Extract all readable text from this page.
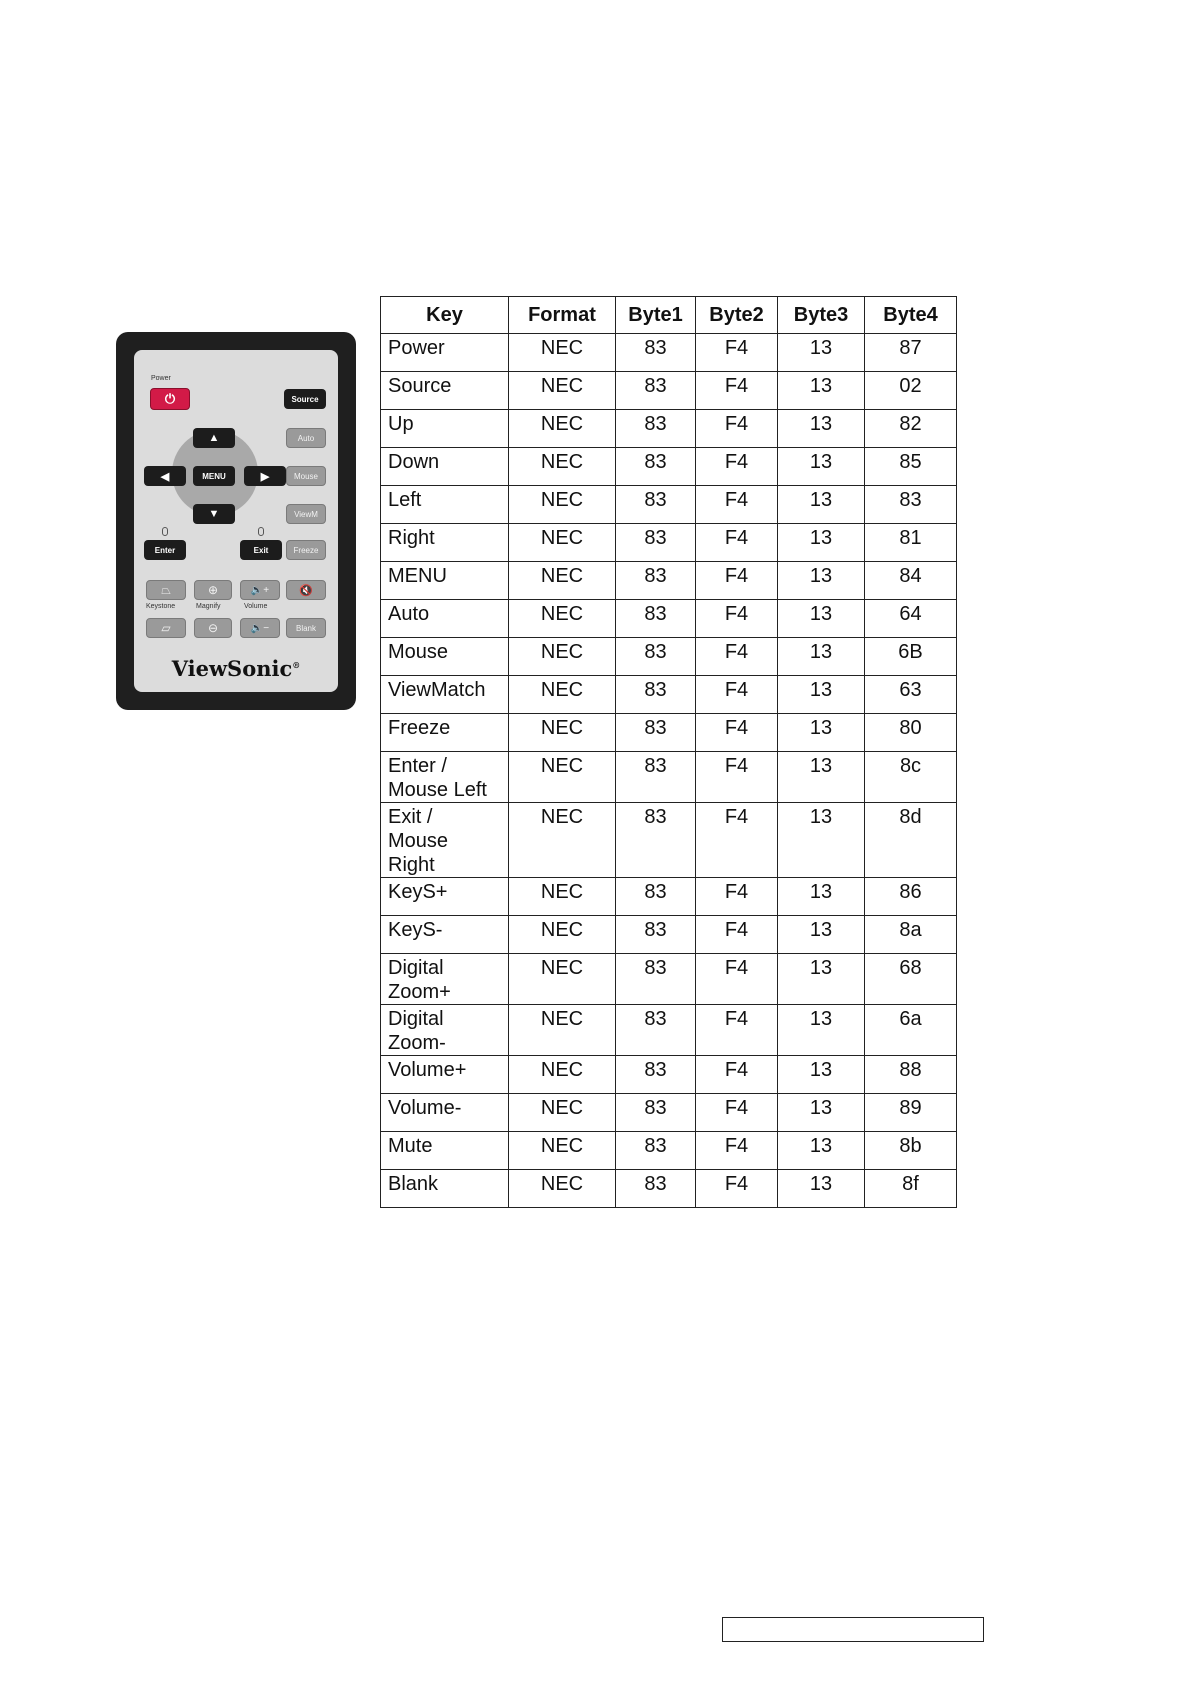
Power
⏻	Source
Auto
Mouse
ViewM
▲
▼
◀	▶
MENU
Enter	Exit	Freeze
⏢	⊕	🔈+	🔇
Keystone	Magnify	Volume
⏥	⊖	🔈−	Blank
ViewSonic®
Key	Format	Byte1	Byte2	Byte3	Byte4
Power	NEC	83	F4	13	87
Source	NEC	83	F4	13	02
Up	NEC	83	F4	13	82
Down	NEC	83	F4	13	85
Left	NEC	83	F4	13	83
Right	NEC	83	F4	13	81
MENU	NEC	83	F4	13	84
Auto	NEC	83	F4	13	64
Mouse	NEC	83	F4	13	6B
ViewMatch	NEC	83	F4	13	63
Freeze	NEC	83	F4	13	80
Enter /
Mouse Left	NEC	83	F4	13	8c
Exit /
Mouse
Right	NEC	83	F4	13	8d
KeyS+	NEC	83	F4	13	86
KeyS-	NEC	83	F4	13	8a
Digital
Zoom+	NEC	83	F4	13	68
Digital
Zoom-	NEC	83	F4	13	6a
Volume+	NEC	83	F4	13	88
Volume-	NEC	83	F4	13	89
Mute	NEC	83	F4	13	8b
Blank	NEC	83	F4	13	8f
